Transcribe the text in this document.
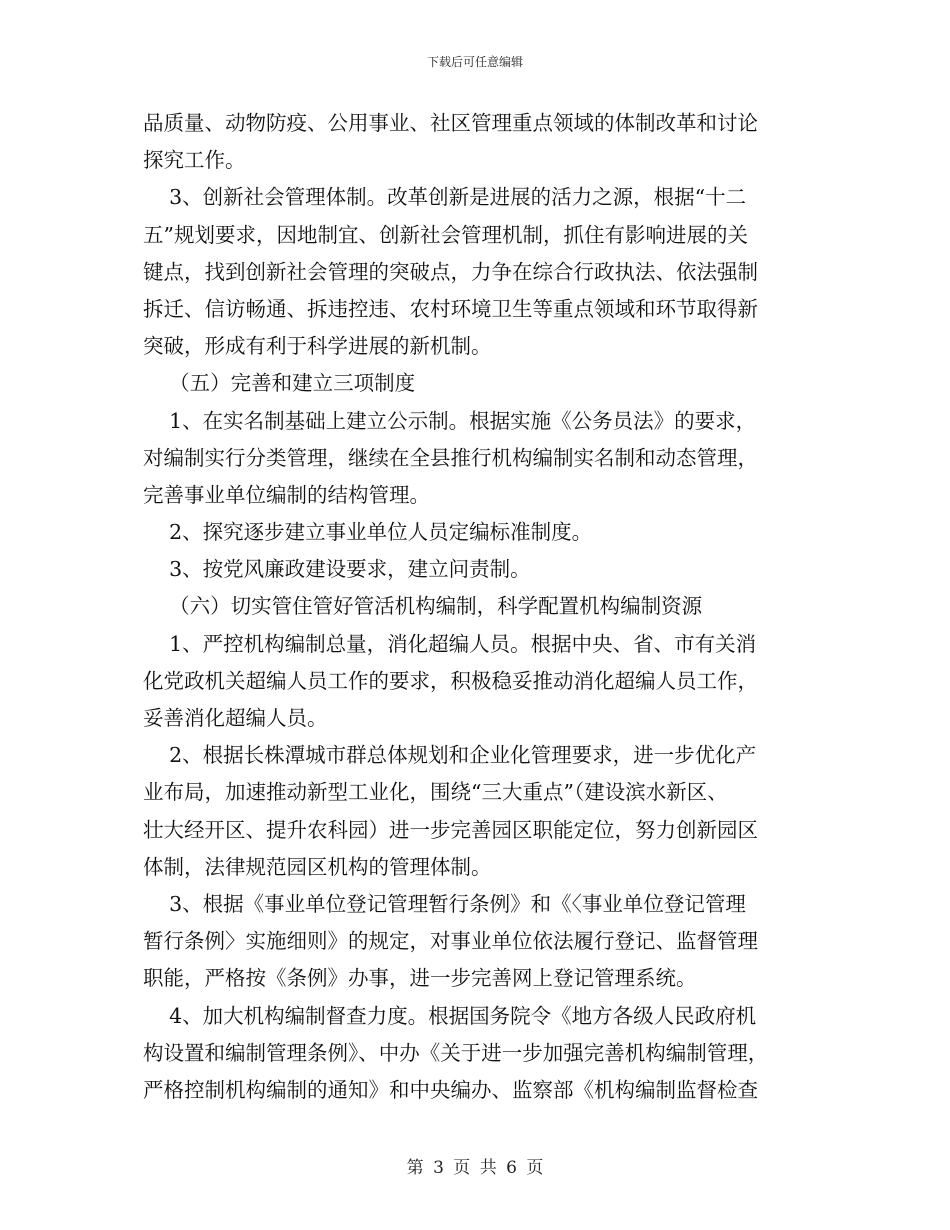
下载后可任意编辑
品质量、动物防疫、公用事业、社区管理重点领域的体制改革和讨论
探究工作。
3、创新社会管理体制。改革创新是进展的活力之源，根据“十二
五”规划要求，因地制宜、创新社会管理机制，抓住有影响进展的关
键点，找到创新社会管理的突破点，力争在综合行政执法、依法强制
拆迁、信访畅通、拆违控违、农村环境卫生等重点领域和环节取得新
突破，形成有利于科学进展的新机制。
（五）完善和建立三项制度
1、在实名制基础上建立公示制。根据实施《公务员法》的要求，
对编制实行分类管理，继续在全县推行机构编制实名制和动态管理，
完善事业单位编制的结构管理。
2、探究逐步建立事业单位人员定编标准制度。
3、按党风廉政建设要求，建立问责制。
（六）切实管住管好管活机构编制，科学配置机构编制资源
1、严控机构编制总量，消化超编人员。根据中央、省、市有关消
化党政机关超编人员工作的要求，积极稳妥推动消化超编人员工作，
妥善消化超编人员。
2、根据长株潭城市群总体规划和企业化管理要求，进一步优化产
业布局，加速推动新型工业化，围绕“三大重点”（建设滨水新区、
壮大经开区、提升农科园）进一步完善园区职能定位，努力创新园区
体制，法律规范园区机构的管理体制。
3、根据《事业单位登记管理暂行条例》和《〈事业单位登记管理
暂行条例〉实施细则》的规定，对事业单位依法履行登记、监督管理
职能，严格按《条例》办事，进一步完善网上登记管理系统。
4、加大机构编制督查力度。根据国务院令《地方各级人民政府机
构设置和编制管理条例》、中办《关于进一步加强完善机构编制管理，
严格控制机构编制的通知》和中央编办、监察部《机构编制监督检查
第 3 页 共 6 页
